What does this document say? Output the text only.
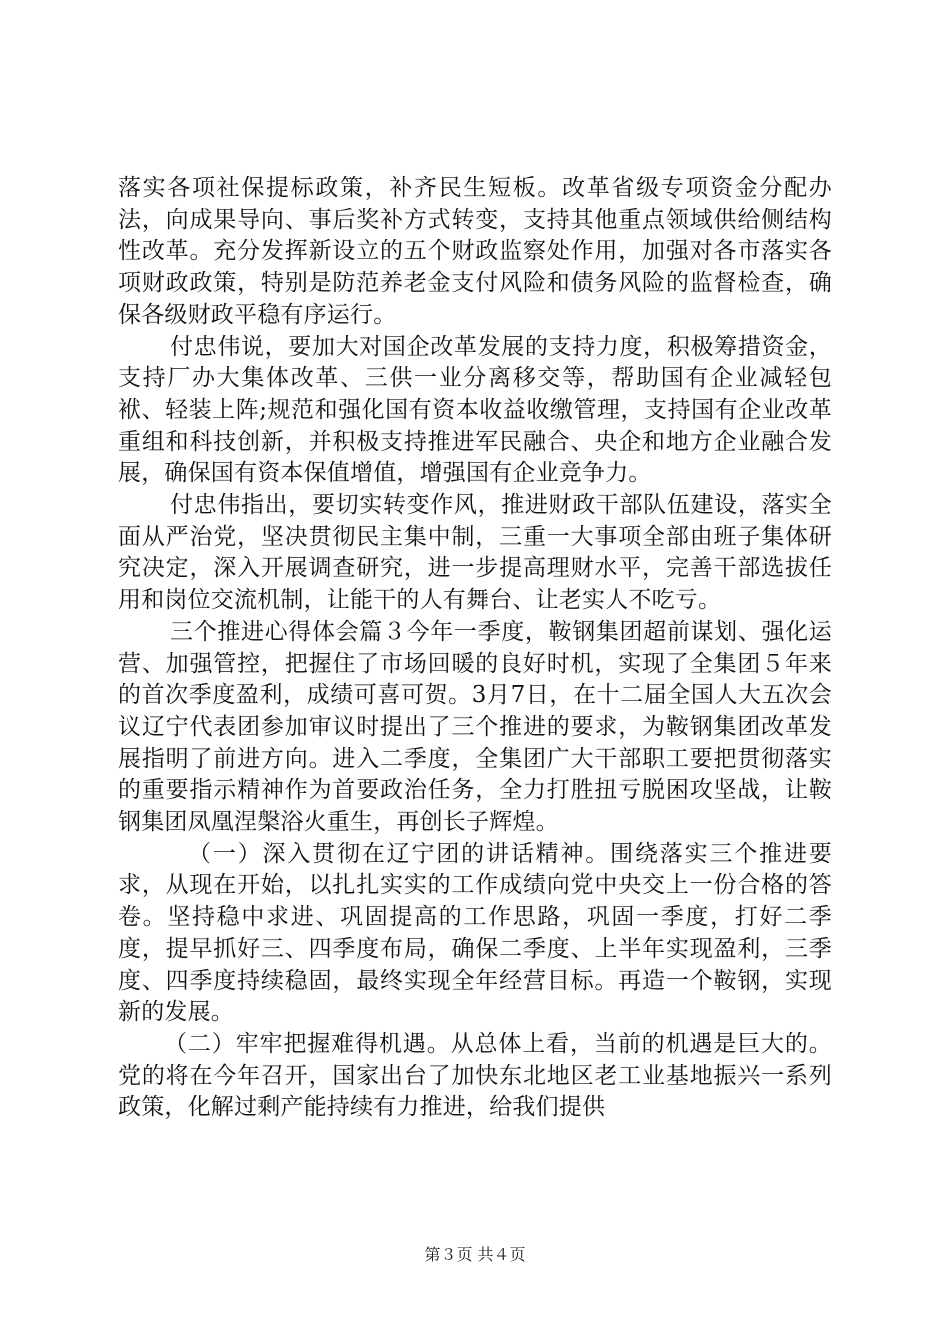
落实各项社保提标政策，补齐民生短板。改革省级专项资金分配办法，向成果导向、事后奖补方式转变，支持其他重点领域供给侧结构性改革。充分发挥新设立的五个财政监察处作用，加强对各市落实各项财政政策，特别是防范养老金支付风险和债务风险的监督检查，确保各级财政平稳有序运行。

付忠伟说，要加大对国企改革发展的支持力度，积极筹措资金，支持厂办大集体改革、三供一业分离移交等，帮助国有企业减轻包袱、轻装上阵;规范和强化国有资本收益收缴管理，支持国有企业改革重组和科技创新，并积极支持推进军民融合、央企和地方企业融合发展，确保国有资本保值增值，增强国有企业竞争力。

付忠伟指出，要切实转变作风，推进财政干部队伍建设，落实全面从严治党，坚决贯彻民主集中制，三重一大事项全部由班子集体研究决定，深入开展调查研究，进一步提高理财水平，完善干部选拔任用和岗位交流机制，让能干的人有舞台、让老实人不吃亏。

三个推进心得体会篇３今年一季度，鞍钢集团超前谋划、强化运营、加强管控，把握住了市场回暖的良好时机，实现了全集团５年来的首次季度盈利，成绩可喜可贺。3月7日，在十二届全国人大五次会议辽宁代表团参加审议时提出了三个推进的要求，为鞍钢集团改革发展指明了前进方向。进入二季度，全集团广大干部职工要把贯彻落实的重要指示精神作为首要政治任务，全力打胜扭亏脱困攻坚战，让鞍钢集团凤凰涅槃浴火重生，再创长子辉煌。

（一）深入贯彻在辽宁团的讲话精神。围绕落实三个推进要求，从现在开始，以扎扎实实的工作成绩向党中央交上一份合格的答卷。坚持稳中求进、巩固提高的工作思路，巩固一季度，打好二季度，提早抓好三、四季度布局，确保二季度、上半年实现盈利，三季度、四季度持续稳固，最终实现全年经营目标。再造一个鞍钢，实现新的发展。

（二）牢牢把握难得机遇。从总体上看，当前的机遇是巨大的。党的将在今年召开，国家出台了加快东北地区老工业基地振兴一系列政策，化解过剩产能持续有力推进，给我们提供

第３页 共４页
